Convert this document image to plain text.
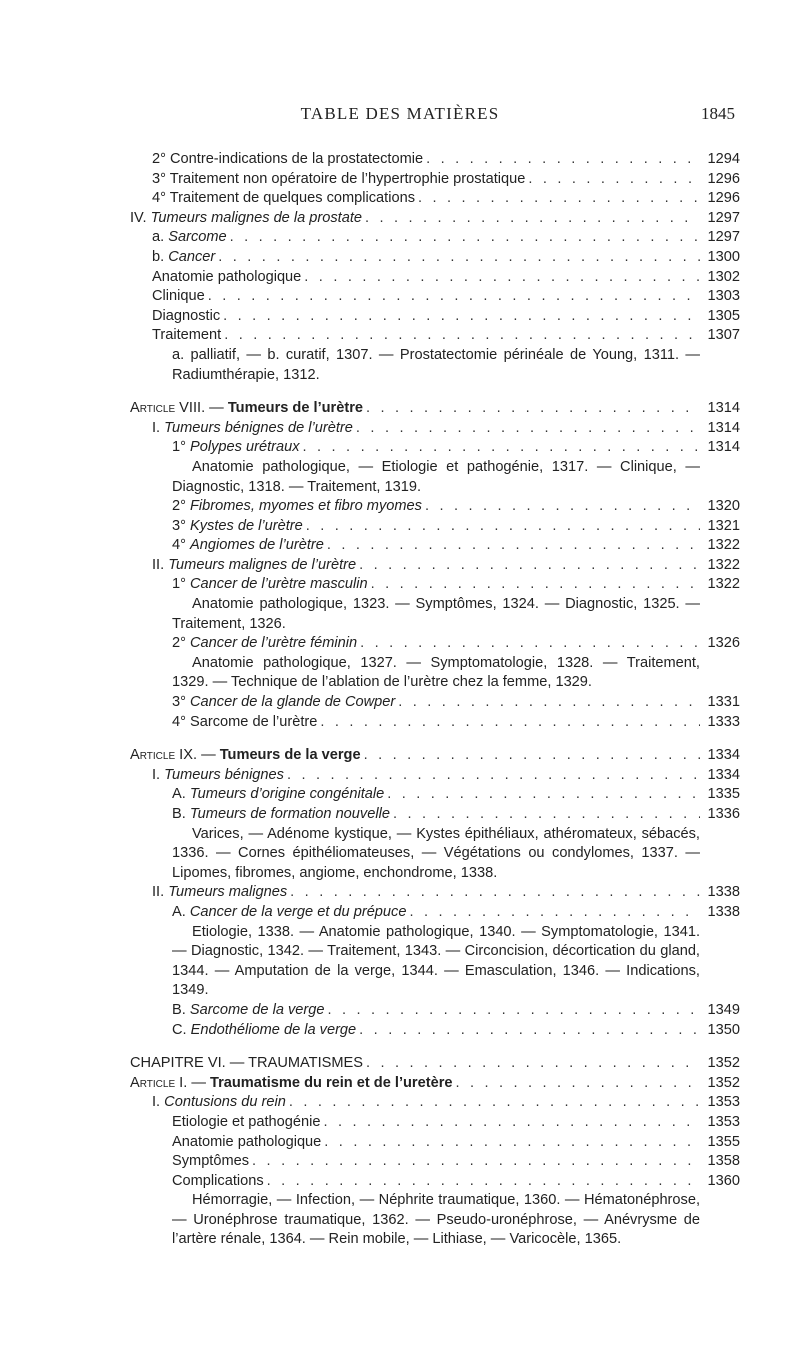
TABLE DES MATIÈRES	1845
2° Contre-indications de la prostatectomie . . .	1294
3° Traitement non opératoire de l’hypertrophie prostatique . . .	1296
4° Traitement de quelques complications . . .	1296
IV. Tumeurs malignes de la prostate . . .	1297
a. Sarcome . . .	1297
b. Cancer . . .	1300
Anatomie pathologique . . .	1302
Clinique . . .	1303
Diagnostic . . .	1305
Traitement . . .	1307
a. palliatif, — b. curatif, 1307. — Prostatectomie périnéale de Young, 1311. — Radiumthérapie, 1312.
Article VIII. — Tumeurs de l’urètre . . .	1314
I. Tumeurs bénignes de l’urètre . . .	1314
1° Polypes urétraux . . .	1314
Anatomie pathologique, — Etiologie et pathogénie, 1317. — Clinique, — Diagnostic, 1318. — Traitement, 1319.
2° Fibromes, myomes et fibro myomes . . .	1320
3° Kystes de l’urètre . . .	1321
4° Angiomes de l’urètre . . .	1322
II. Tumeurs malignes de l’urètre . . .	1322
1° Cancer de l’urètre masculin . . .	1322
Anatomie pathologique, 1323. — Symptômes, 1324. — Diagnostic, 1325. — Traitement, 1326.
2° Cancer de l’urètre féminin . . .	1326
Anatomie pathologique, 1327. — Symptomatologie, 1328. — Traitement, 1329. — Technique de l’ablation de l’urètre chez la femme, 1329.
3° Cancer de la glande de Cowper . . .	1331
4° Sarcome de l’urètre . . .	1333
Article IX. — Tumeurs de la verge . . .	1334
I. Tumeurs bénignes . . .	1334
A. Tumeurs d’origine congénitale . . .	1335
B. Tumeurs de formation nouvelle . . .	1336
Varices, — Adénome kystique, — Kystes épithéliaux, athéromateux, sébacés, 1336. — Cornes épithéliomateuses, — Végétations ou condylomes, 1337. — Lipomes, fibromes, angiome, enchondrome, 1338.
II. Tumeurs malignes . . .	1338
A. Cancer de la verge et du prépuce . . .	1338
Etiologie, 1338. — Anatomie pathologique, 1340. — Symptomatologie, 1341. — Diagnostic, 1342. — Traitement, 1343. — Circoncision, décortication du gland, 1344. — Amputation de la verge, 1344. — Emasculation, 1346. — Indications, 1349.
B. Sarcome de la verge . . .	1349
C. Endothéliome de la verge . . .	1350
CHAPITRE VI. — TRAUMATISMES . . .	1352
Article I. — Traumatisme du rein et de l’uretère . . .	1352
I. Contusions du rein . . .	1353
Etiologie et pathogénie . . .	1353
Anatomie pathologique . . .	1355
Symptômes . . .	1358
Complications . . .	1360
Hémorragie, — Infection, — Néphrite traumatique, 1360. — Hématonéphrose, — Uronéphrose traumatique, 1362. — Pseudo-uronéphrose, — Anévrysme de l’artère rénale, 1364. — Rein mobile, — Lithiase, — Varicocèle, 1365.
